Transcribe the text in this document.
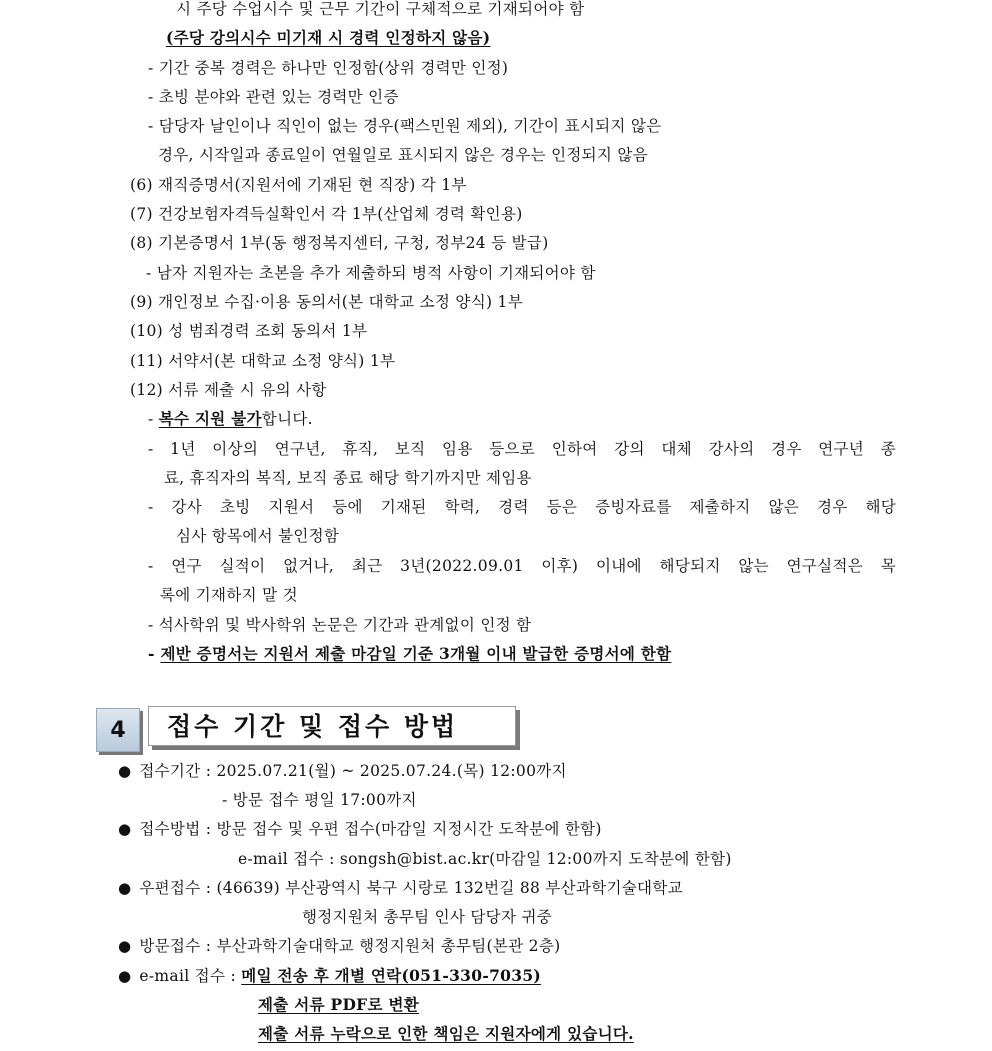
시 주당 수업시수 및 근무 기간이 구체적으로 기재되어야 함
(주당 강의시수 미기재 시 경력 인정하지 않음)
- 기간 중복 경력은 하나만 인정함(상위 경력만 인정)
- 초빙 분야와 관련 있는 경력만 인증
- 담당자 날인이나 직인이 없는 경우(팩스민원 제외), 기간이 표시되지 않은
경우, 시작일과 종료일이 연월일로 표시되지 않은 경우는 인정되지 않음
(6) 재직증명서(지원서에 기재된 현 직장) 각 1부
(7) 건강보험자격득실확인서 각 1부(산업체 경력 확인용)
(8) 기본증명서 1부(동 행정복지센터, 구청, 정부24 등 발급)
- 남자 지원자는 초본을 추가 제출하되 병적 사항이 기재되어야 함
(9) 개인정보 수집·이용 동의서(본 대학교 소정 양식) 1부
(10) 성 범죄경력 조회 동의서 1부
(11) 서약서(본 대학교 소정 양식) 1부
(12) 서류 제출 시 유의 사항
- 복수 지원 불가합니다.
- 1년 이상의 연구년, 휴직, 보직 임용 등으로 인하여 강의 대체 강사의 경우 연구년 종
료, 휴직자의 복직, 보직 종료 해당 학기까지만 제임용
- 강사 초빙 지원서 등에 기재된 학력, 경력 등은 증빙자료를 제출하지 않은 경우 해당
심사 항목에서 불인정함
- 연구 실적이 없거나, 최근 3년(2022.09.01 이후) 이내에 해당되지 않는 연구실적은 목
록에 기재하지 말 것
- 석사학위 및 박사학위 논문은 기간과 관계없이 인정 함
- 제반 증명서는 지원서 제출 마감일 기준 3개월 이내 발급한 증명서에 한함
4	접수 기간 및 접수 방법
● 접수기간 : 2025.07.21(월) ~ 2025.07.24.(목) 12:00까지
- 방문 접수 평일 17:00까지
● 접수방법 : 방문 접수 및 우편 접수(마감일 지정시간 도착분에 한함)
e-mail 접수 : songsh@bist.ac.kr(마감일 12:00까지 도착분에 한함)
● 우편접수 : (46639) 부산광역시 북구 시랑로 132번길 88 부산과학기술대학교
행정지원처 총무팀 인사 담당자 귀중
● 방문접수 : 부산과학기술대학교 행정지원처 총무팀(본관 2층)
● e-mail 접수 : 메일 전송 후 개별 연락(051-330-7035)
제출 서류 PDF로 변환
제출 서류 누락으로 인한 책임은 지원자에게 있습니다.
